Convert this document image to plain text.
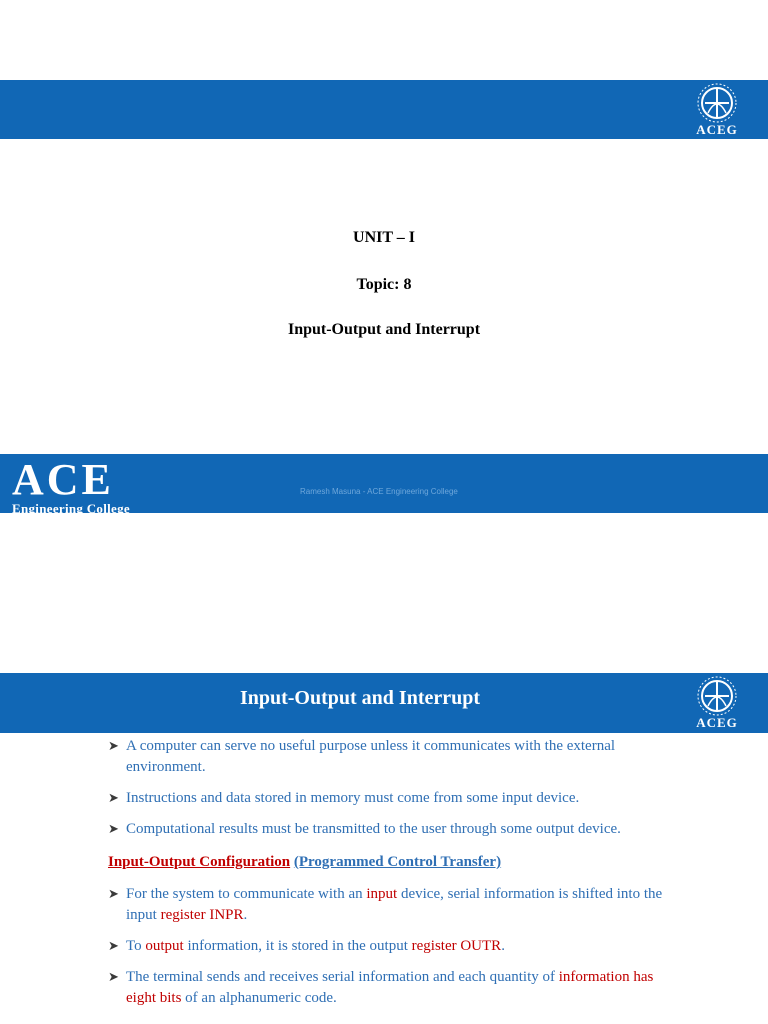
ACEG
UNIT – I
Topic: 8
Input-Output and Interrupt
ACE
Engineering College
Ramesh Masuna - ACE Engineering College
Input-Output and Interrupt
ACEG
➤ A computer can serve no useful purpose unless it communicates with the external environment.
➤ Instructions and data stored in memory must come from some input device.
➤ Computational results must be transmitted to the user through some output device.
Input-Output Configuration (Programmed Control Transfer)
➤ For the system to communicate with an input device, serial information is shifted into the input register INPR.
➤ To output information, it is stored in the output register OUTR.
➤ The terminal sends and receives serial information and each quantity of information has eight bits of an alphanumeric code.
